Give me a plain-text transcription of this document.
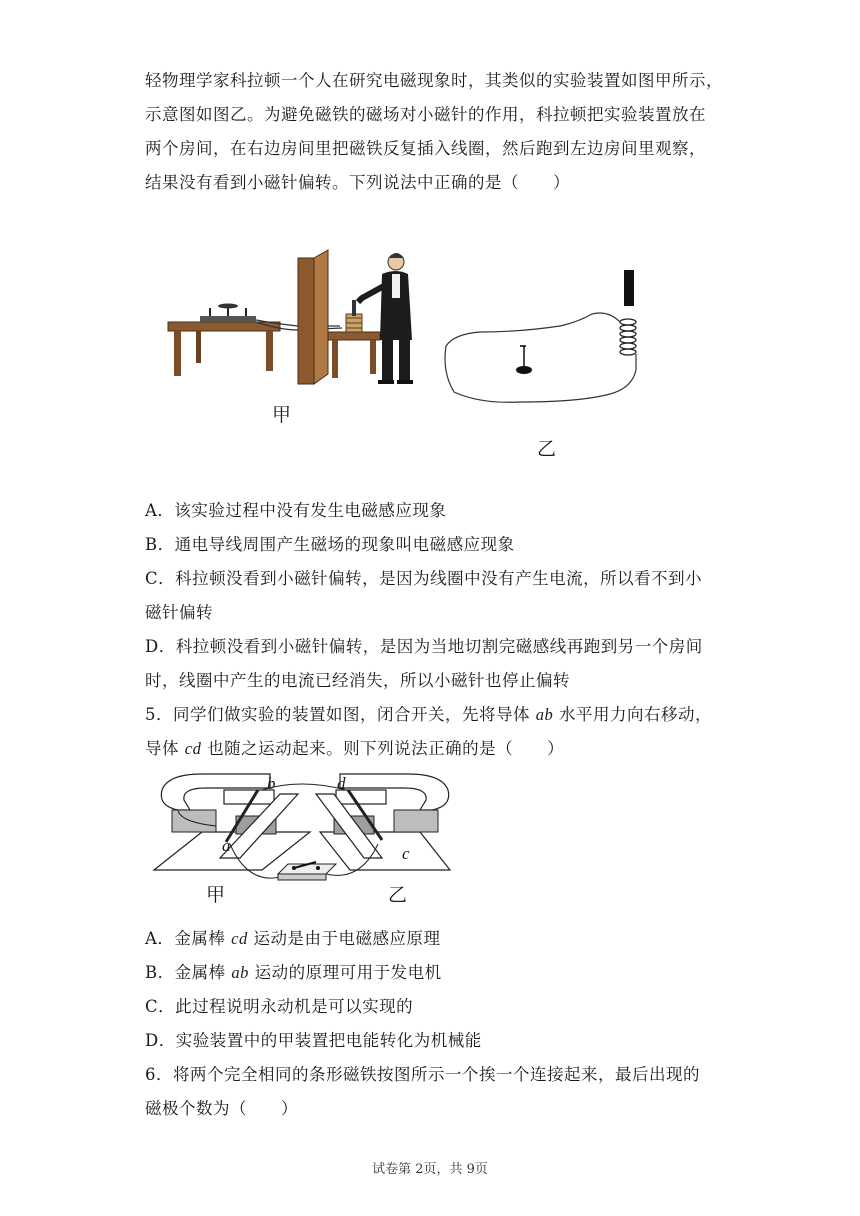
轻物理学家科拉顿一个人在研究电磁现象时，其类似的实验装置如图甲所示，
示意图如图乙。为避免磁铁的磁场对小磁针的作用，科拉顿把实验装置放在
两个房间，在右边房间里把磁铁反复插入线圈，然后跑到左边房间里观察，
结果没有看到小磁针偏转。下列说法中正确的是（　　）
甲
乙
A．该实验过程中没有发生电磁感应现象
B．通电导线周围产生磁场的现象叫电磁感应现象
C．科拉顿没看到小磁针偏转，是因为线圈中没有产生电流，所以看不到小
磁针偏转
D．科拉顿没看到小磁针偏转，是因为当地切割完磁感线再跑到另一个房间
时，线圈中产生的电流已经消失，所以小磁针也停止偏转
5．同学们做实验的装置如图，闭合开关，先将导体 ab 水平用力向右移动，
导体 cd 也随之运动起来。则下列说法正确的是（　　）
b	d
a	c
甲	乙
A．金属棒 cd 运动是由于电磁感应原理
B．金属棒 ab 运动的原理可用于发电机
C．此过程说明永动机是可以实现的
D．实验装置中的甲装置把电能转化为机械能
6．将两个完全相同的条形磁铁按图所示一个挨一个连接起来，最后出现的
磁极个数为（　　）
试卷第 2页，共 9页
